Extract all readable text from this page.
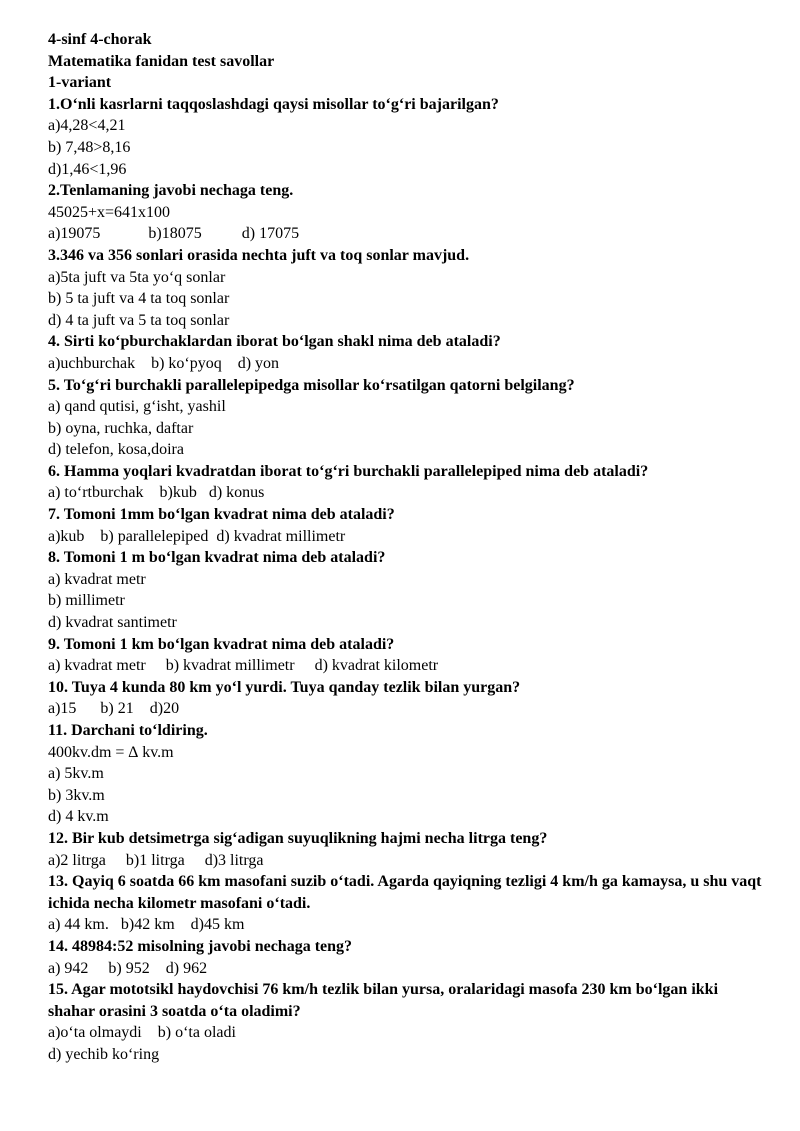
4-sinf 4-chorak
Matematika fanidan test savollar
1-variant
1.O‘nli kasrlarni taqqoslashdagi qaysi misollar to‘g‘ri bajarilgan?
a)4,28<4,21
b) 7,48>8,16
d)1,46<1,96
2.Tenlamaning javobi nechaga teng.
45025+x=641x100
a)19075            b)18075          d) 17075
3.346 va 356 sonlari orasida nechta juft va toq sonlar mavjud.
a)5ta juft va 5ta yo‘q sonlar
b) 5 ta juft va 4 ta toq sonlar
d) 4 ta juft va 5 ta toq sonlar
4. Sirti ko‘pburchaklardan iborat bo‘lgan shakl nima deb ataladi?
a)uchburchak    b) ko‘pyoq    d) yon
5. To‘g‘ri burchakli parallelepipedga misollar ko‘rsatilgan qatorni belgilang?
a) qand qutisi, g‘isht, yashil
b) oyna, ruchka, daftar
d) telefon, kosa,doira
6. Hamma yoqlari kvadratdan iborat to‘g‘ri burchakli parallelepiped nima deb ataladi?
a) to‘rtburchak    b)kub   d) konus
7. Tomoni 1mm bo‘lgan kvadrat nima deb ataladi?
a)kub    b) parallelepiped  d) kvadrat millimetr
8. Tomoni 1 m bo‘lgan kvadrat nima deb ataladi?
a) kvadrat metr
b) millimetr
d) kvadrat santimetr
9. Tomoni 1 km bo‘lgan kvadrat nima deb ataladi?
a) kvadrat metr     b) kvadrat millimetr     d) kvadrat kilometr
10. Tuya 4 kunda 80 km yo‘l yurdi. Tuya qanday tezlik bilan yurgan?
a)15      b) 21    d)20
11. Darchani to‘ldiring.
400kv.dm = ∆ kv.m
a) 5kv.m
b) 3kv.m
d) 4 kv.m
12. Bir kub detsimetrga sig‘adigan suyuqlikning hajmi necha litrga teng?
a)2 litrga     b)1 litrga     d)3 litrga
13. Qayiq 6 soatda 66 km masofani suzib o‘tadi. Agarda qayiqning tezligi 4 km/h ga kamaysa, u shu vaqt ichida necha kilometr masofani o‘tadi.
a) 44 km.   b)42 km    d)45 km
14. 48984:52 misolning javobi nechaga teng?
a) 942     b) 952    d) 962
15. Agar mototsikl haydovchisi 76 km/h tezlik bilan yursa, oralaridagi masofa 230 km bo‘lgan ikki shahar orasini 3 soatda o‘ta oladimi?
a)o‘ta olmaydi    b) o‘ta oladi
d) yechib ko‘ring
